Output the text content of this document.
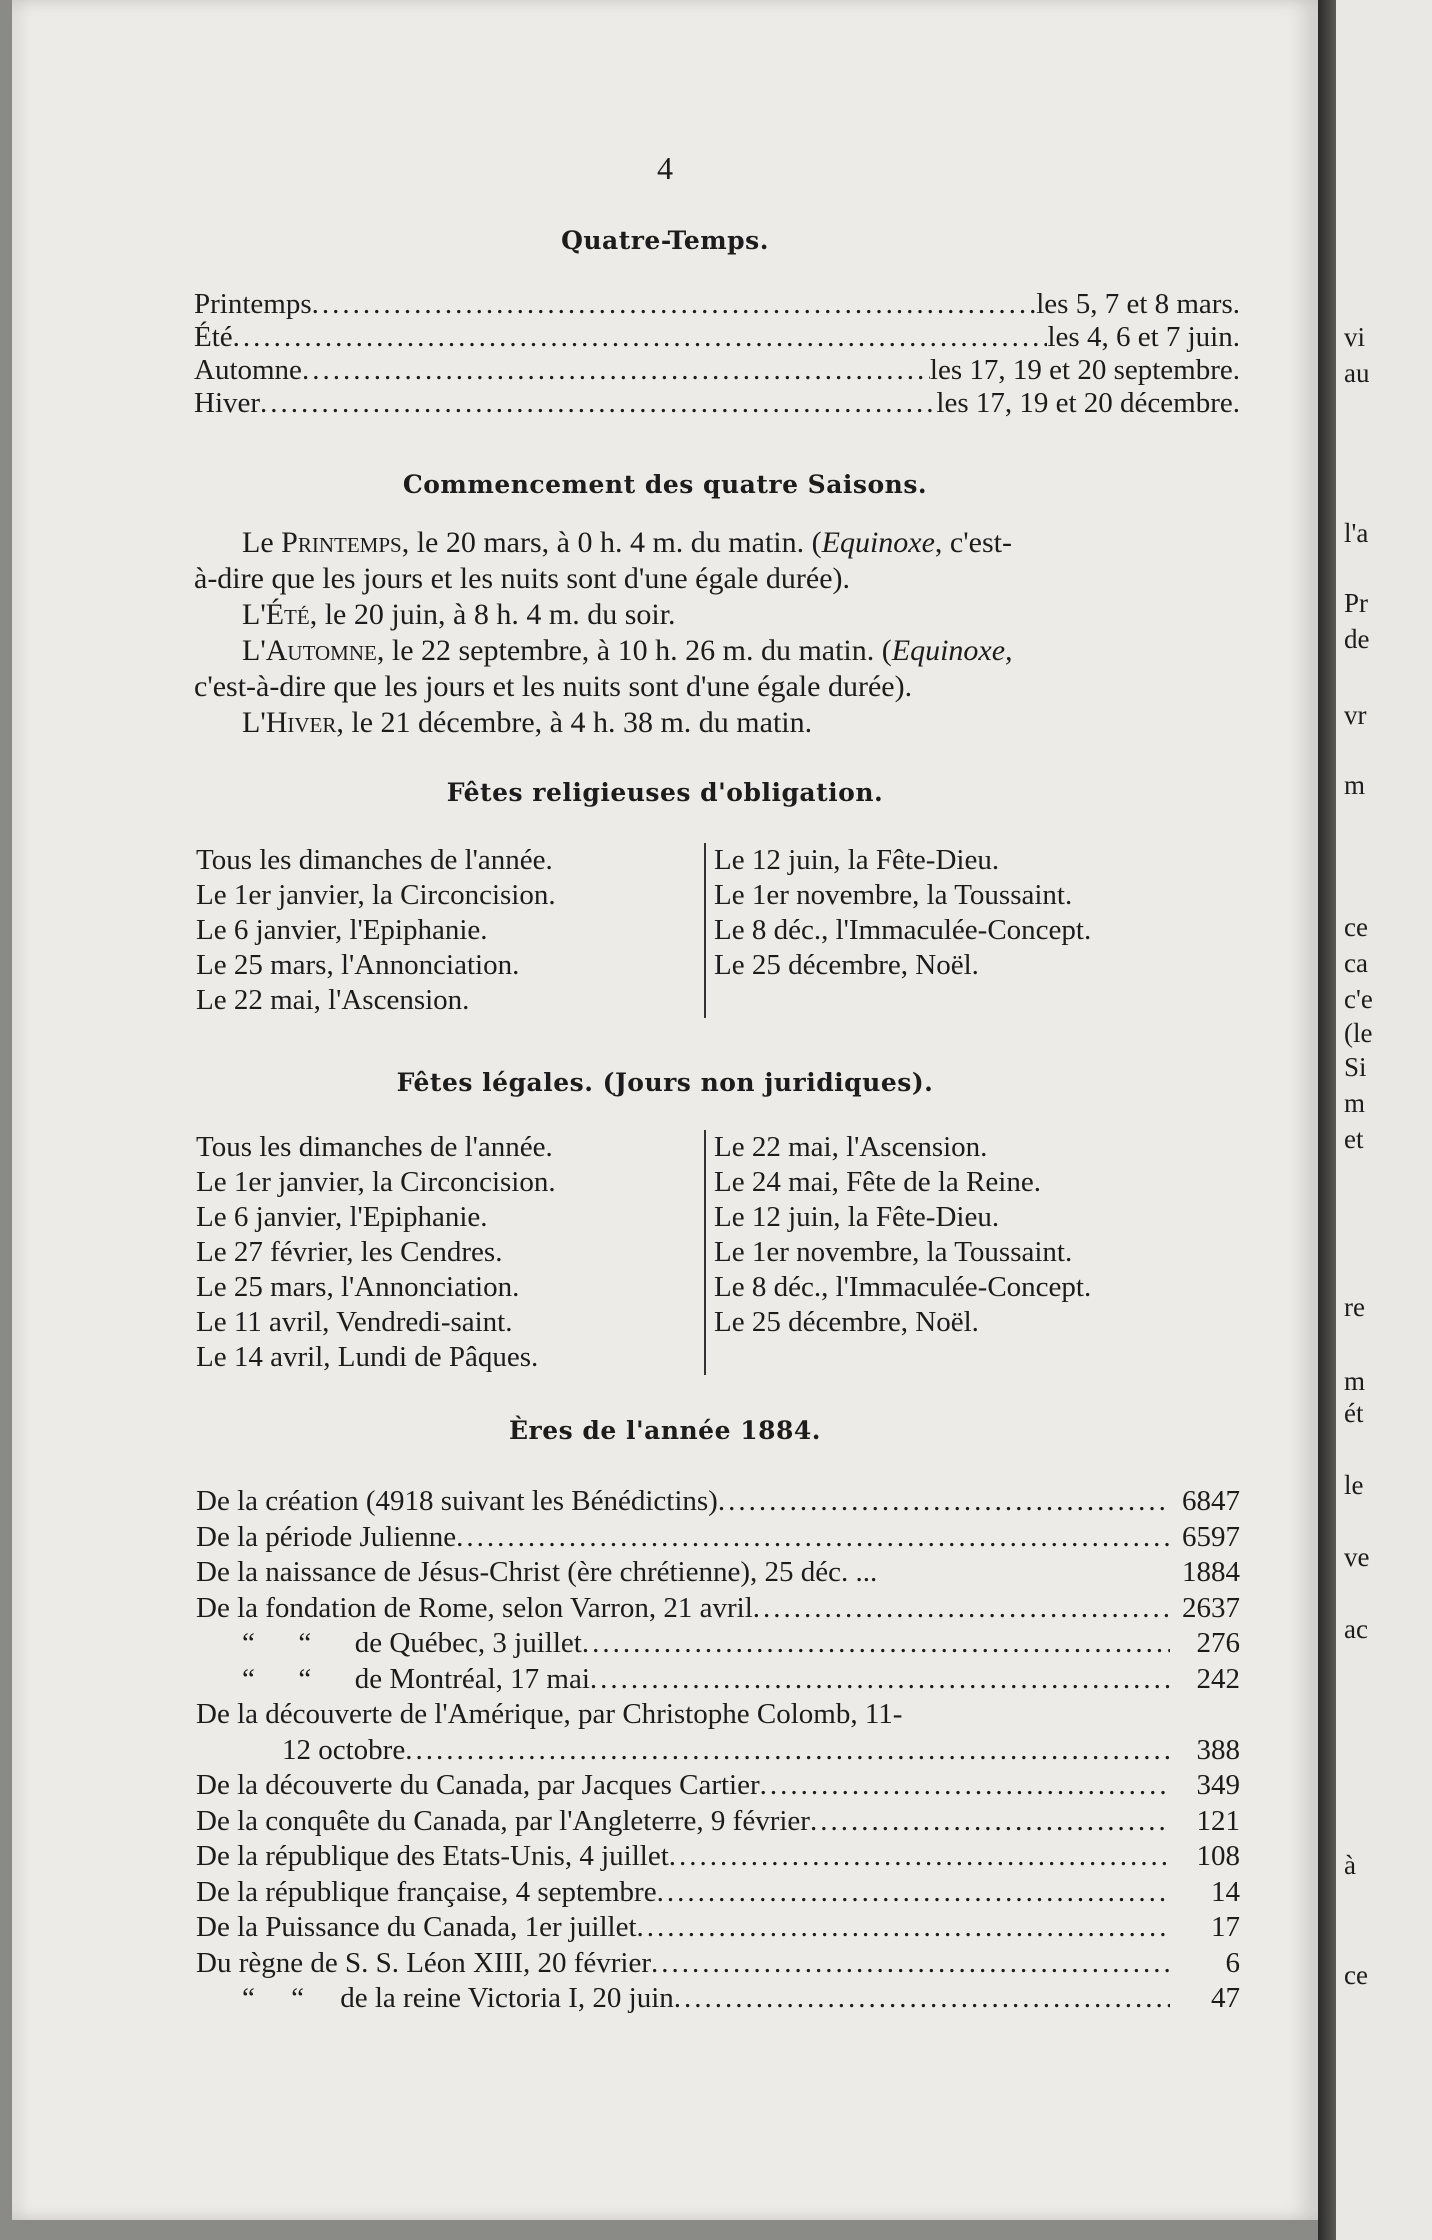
4
Quatre-Temps.
Printemps .....	les 5, 7 et 8 mars.
Été .....	les 4, 6 et 7 juin.
Automne .....	les 17, 19 et 20 septembre.
Hiver .....	les 17, 19 et 20 décembre.
Commencement des quatre Saisons.

Le Printemps, le 20 mars, à 0 h. 4 m. du matin. (Equinoxe, c'est-

à-dire que les jours et les nuits sont d'une égale durée).

L'Été, le 20 juin, à 8 h. 4 m. du soir.

L'Automne, le 22 septembre, à 10 h. 26 m. du matin. (Equinoxe,

c'est-à-dire que les jours et les nuits sont d'une égale durée).

L'Hiver, le 21 décembre, à 4 h. 38 m. du matin.

Fêtes religieuses d'obligation.
Tous les dimanches de l'année.
Le 1er janvier, la Circoncision.
Le 6 janvier, l'Epiphanie.
Le 25 mars, l'Annonciation.
Le 22 mai, l'Ascension.
Le 12 juin, la Fête-Dieu.
Le 1er novembre, la Toussaint.
Le 8 déc., l'Immaculée-Concept.
Le 25 décembre, Noël.
Fêtes légales. (Jours non juridiques).
Tous les dimanches de l'année.
Le 1er janvier, la Circoncision.
Le 6 janvier, l'Epiphanie.
Le 27 février, les Cendres.
Le 25 mars, l'Annonciation.
Le 11 avril, Vendredi-saint.
Le 14 avril, Lundi de Pâques.
Le 22 mai, l'Ascension.
Le 24 mai, Fête de la Reine.
Le 12 juin, la Fête-Dieu.
Le 1er novembre, la Toussaint.
Le 8 déc., l'Immaculée-Concept.
Le 25 décembre, Noël.
Ères de l'année 1884.
De la création (4918 suivant les Bénédictins) .....	6847
De la période Julienne .....	6597
De la naissance de Jésus-Christ (ère chrétienne), 25 déc. ...	1884
De la fondation de Rome, selon Varron, 21 avril .....	2637
“      “      de Québec, 3 juillet .....	276
“      “      de Montréal, 17 mai .....	242
De la découverte de l'Amérique, par Christophe Colomb, 11-
12 octobre .....	388
De la découverte du Canada, par Jacques Cartier .....	349
De la conquête du Canada, par l'Angleterre, 9 février .....	121
De la république des Etats-Unis, 4 juillet .....	108
De la république française, 4 septembre .....	14
De la Puissance du Canada, 1er juillet .....	17
Du règne de S. S. Léon XIII, 20 février .....	6
“     “     de la reine Victoria I, 20 juin .....	47
vi
au
l'a
Pr
de
vr
m
ce
ca
c'e
(le
Si
m
et
re
m
ét
le
ve
ac
à
ce
